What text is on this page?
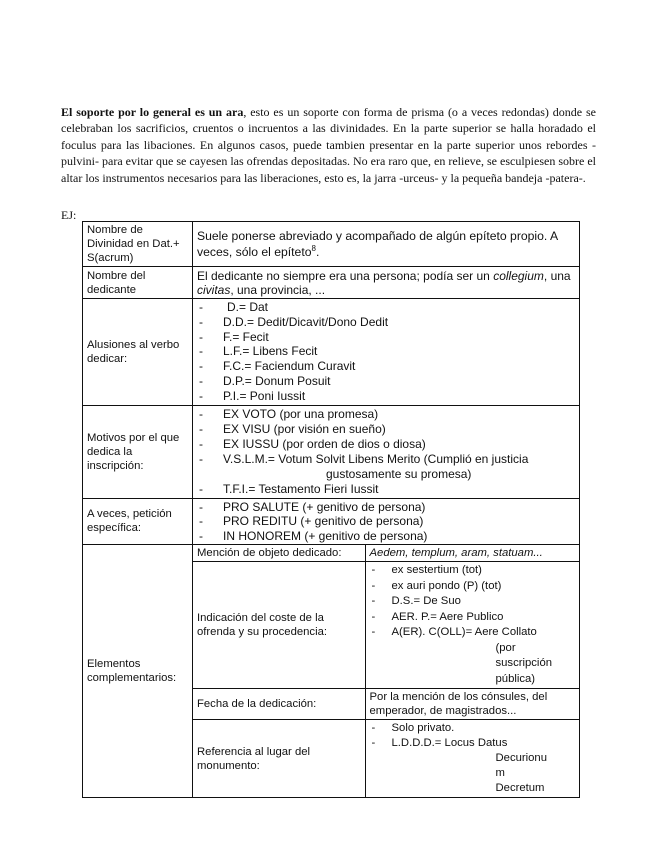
El soporte por lo general es un ara, esto es un soporte con forma de prisma (o a veces redondas) donde se celebraban los sacrificios, cruentos o incruentos a las divinidades. En la parte superior se halla horadado el foculus para las libaciones. En algunos casos, puede tambien presentar en la parte superior unos rebordes -pulvini- para evitar que se cayesen las ofrendas depositadas. No era raro que, en relieve, se esculpiesen sobre el altar los instrumentos necesarios para las liberaciones, esto es, la jarra -urceus- y la pequeña bandeja -patera-.
EJ:
Nombre de Divinidad en Dat.+ S(acrum)	Suele ponerse abreviado y acompañado de algún epíteto propio. A veces, sólo el epíteto$^8$.
Nombre del dedicante	El dedicante no siempre era una persona; podía ser un collegium, una civitas, una provincia, ...
Alusiones al verbo dedicar:	
- D.= Dat
- D.D.= Dedit/Dicavit/Dono Dedit
- F.= Fecit
- L.F.= Libens Fecit
- F.C.= Faciendum Curavit
- D.P.= Donum Posuit
- P.I.= Poni Iussit

Motivos por el que dedica la inscripción:	
- EX VOTO (por una promesa)
- EX VISU (por visión en sueño)
- EX IUSSU (por orden de dios o diosa)
- V.S.L.M.= Votum Solvit Libens Merito (Cumplió en justicia
gustosamente su promesa)
- T.F.I.= Testamento Fieri Iussit

A veces, petición específica:	
- PRO SALUTE (+ genitivo de persona)
- PRO REDITU (+ genitivo de persona)
- IN HONOREM (+ genitivo de persona)

Elementos complementarios:	
Mención de objeto dedicado:	Aedem, templum, aram, statuam...
Indicación del coste de la ofrenda y su procedencia:	
- ex sestertium (tot)
- ex auri pondo (P) (tot)
- D.S.= De Suo
- AER. P.= Aere Publico
- A(ER). C(OLL)= Aere Collato
(por
suscripción
pública)

Fecha de la dedicación:	Por la mención de los cónsules, del emperador, de magistrados...
Referencia al lugar del monumento:	
- Solo privato.
- L.D.D.D.= Locus Datus
Decurionu
m
Decretum
